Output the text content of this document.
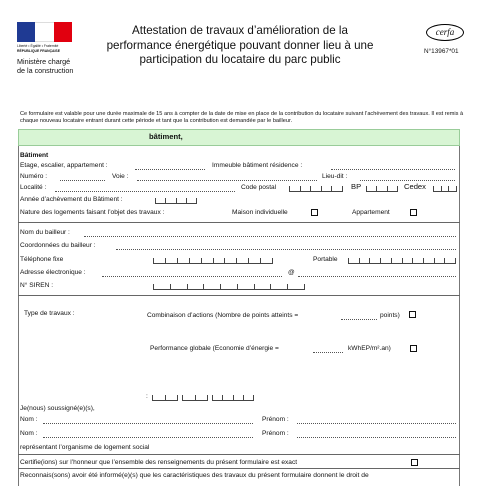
Liberté • Égalité • Fraternité
RÉPUBLIQUE FRANÇAISE
Ministère chargé
de la construction
Attestation de travaux d’amélioration de la
performance énergétique pouvant donner lieu à une
participation du locataire du parc public
cerfa
N°13967*01
Ce formulaire est valable pour une durée maximale de 15 ans à compter de la date de mise en place de la contribution du locataire suivant l’achèvement des travaux. Il est remis à chaque nouveau locataire entrant durant cette période et tant que la contribution est demandée par le bailleur.
bâtiment,
Bâtiment
Etage, escalier, appartement :	Immeuble bâtiment résidence :
Numéro :	Voie :	Lieu-dit :
Localité :	Code postal	BP	Cedex
Année d’achèvement du Bâtiment :
Nature des logements faisant l’objet des travaux :	Maison individuelle	Appartement
Nom du bailleur :
Coordonnées du bailleur :
Téléphone fixe	Portable
Adresse électronique :	@
N° SIREN :
Type de travaux :	Combinaison d’actions (Nombre de points atteints =	points)
Performance globale (Economie d’énergie =	kWhEP/m².an)
:
Je(nous) soussigné(e)(s),
Nom :	Prénom :
Nom :	Prénom :
représentant l’organisme de logement social
Certifie(ions) sur l’honneur que l’ensemble des renseignements du présent formulaire est exact
Reconnais(sons) avoir été informé(e)(s) que les caractéristiques des travaux du présent formulaire donnent le droit de
